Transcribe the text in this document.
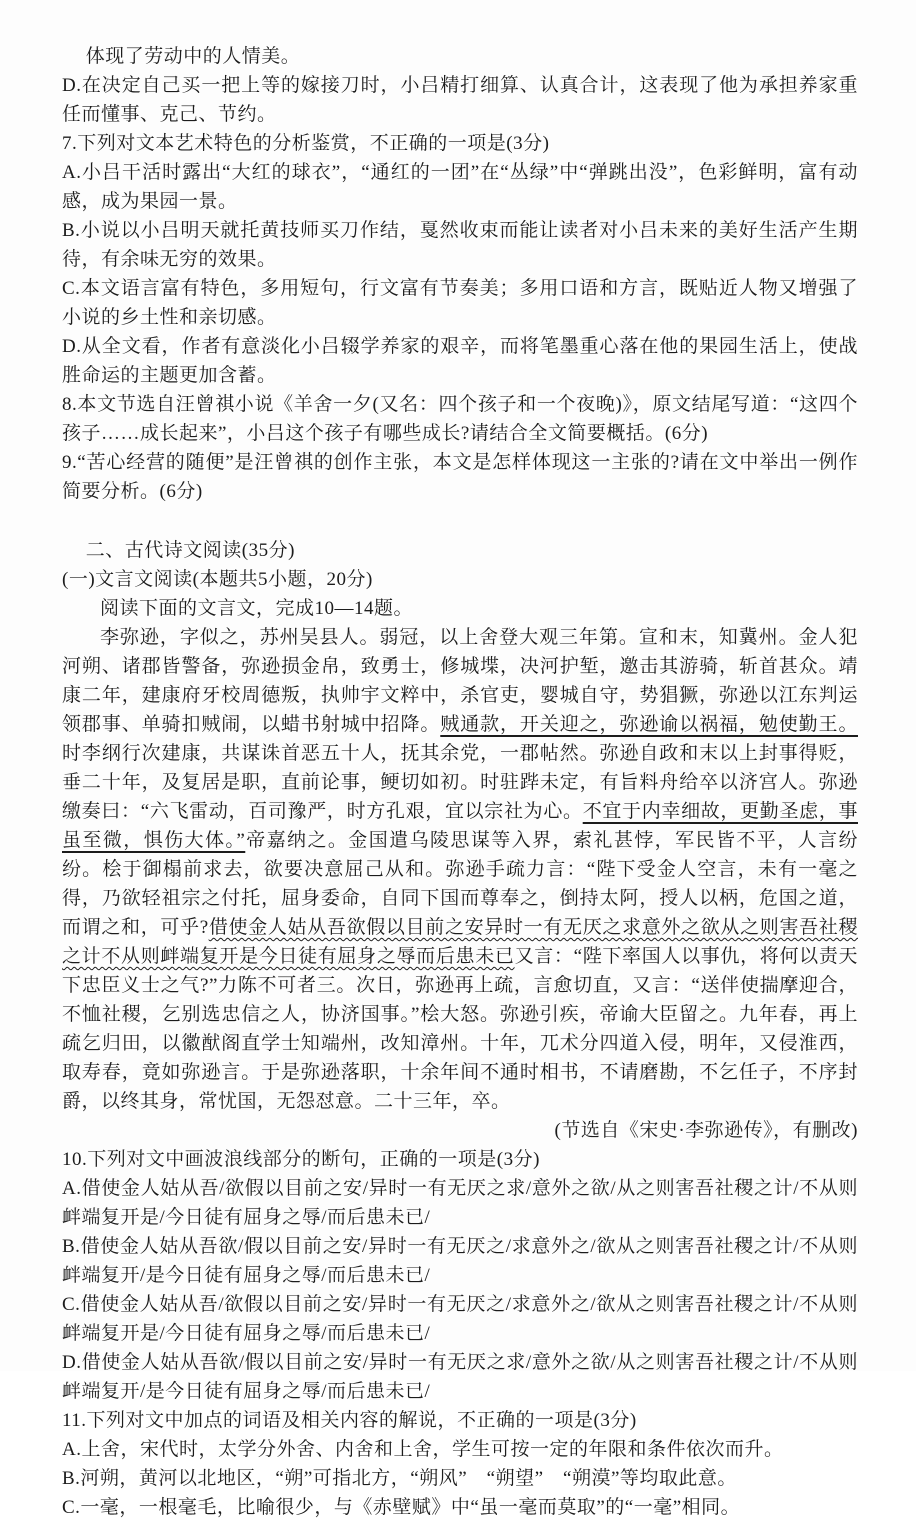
体现了劳动中的人情美。

D.在决定自己买一把上等的嫁接刀时，小吕精打细算、认真合计，这表现了他为承担养家重任而懂事、克己、节约。

7.下列对文本艺术特色的分析鉴赏，不正确的一项是(3分)

A.小吕干活时露出“大红的球衣”，“通红的一团”在“丛绿”中“弹跳出没”，色彩鲜明，富有动感，成为果园一景。

B.小说以小吕明天就托黄技师买刀作结，戛然收束而能让读者对小吕未来的美好生活产生期待，有余味无穷的效果。

C.本文语言富有特色，多用短句，行文富有节奏美；多用口语和方言，既贴近人物又增强了小说的乡土性和亲切感。

D.从全文看，作者有意淡化小吕辍学养家的艰辛，而将笔墨重心落在他的果园生活上，使战胜命运的主题更加含蓄。

8.本文节选自汪曾祺小说《羊舍一夕(又名：四个孩子和一个夜晚)》，原文结尾写道：“这四个孩子……成长起来”，小吕这个孩子有哪些成长?请结合全文简要概括。(6分)

9.“苦心经营的随便”是汪曾祺的创作主张，本文是怎样体现这一主张的?请在文中举出一例作简要分析。(6分)

二、古代诗文阅读(35分)

(一)文言文阅读(本题共5小题，20分)

阅读下面的文言文，完成10—14题。

李弥逊，字似之，苏州吴县人。弱冠，以上舍登大观三年第。宣和末，知冀州。金人犯河朔、诸郡皆警备，弥逊损金帛，致勇士，修城堞，决河护堑，邀击其游骑，斩首甚众。靖康二年，建康府牙校周德叛，执帅宇文粹中，杀官吏，婴城自守，势猖獗，弥逊以江东判运领郡事、单骑扣贼闹，以蜡书射城中招降。贼通款，开关迎之，弥逊谕以祸福，勉使勤王。时李纲行次建康，共谋诛首恶五十人，抚其余党，一郡帖然。弥逊自政和末以上封事得贬，垂二十年，及复居是职，直前论事，鲠切如初。时驻跸未定，有旨料舟给卒以济宫人。弥逊缴奏曰：“六飞雷动，百司豫严，时方孔艰，宜以宗社为心。不宜于内幸细故，更勤圣虑，事虽至微，惧伤大体。”帝嘉纳之。金国遣乌陵思谋等入界，索礼甚悖，军民皆不平，人言纷纷。桧于御榻前求去，欲要决意屈己从和。弥逊手疏力言：“陛下受金人空言，未有一毫之得，乃欲轻祖宗之付托，屈身委命，自同下国而尊奉之，倒持太阿，授人以柄，危国之道，而谓之和，可乎?借使金人姑从吾欲假以目前之安异时一有无厌之求意外之欲从之则害吾社稷之计不从则衅端复开是今日徒有屈身之辱而后患未已又言：“陛下率国人以事仇，将何以责天下忠臣义士之气?”力陈不可者三。次日，弥逊再上疏，言愈切直，又言：“送伴使揣摩迎合，不恤社稷，乞别选忠信之人，协济国事。”桧大怒。弥逊引疾，帝谕大臣留之。九年春，再上疏乞归田，以徽猷阁直学士知端州，改知漳州。十年，兀术分四道入侵，明年，又侵淮西，取寿春，竟如弥逊言。于是弥逊落职，十余年间不通时相书，不请磨勘，不乞任子，不序封爵，以终其身，常忧国，无怨怼意。二十三年，卒。

(节选自《宋史·李弥逊传》，有删改)

10.下列对文中画波浪线部分的断句，正确的一项是(3分)

A.借使金人姑从吾/欲假以目前之安/异时一有无厌之求/意外之欲/从之则害吾社稷之计/不从则衅端复开是/今日徒有屈身之辱/而后患未已/

B.借使金人姑从吾欲/假以目前之安/异时一有无厌之/求意外之/欲从之则害吾社稷之计/不从则衅端复开/是今日徒有屈身之辱/而后患未已/

C.借使金人姑从吾/欲假以目前之安/异时一有无厌之/求意外之/欲从之则害吾社稷之计/不从则衅端复开是/今日徒有屈身之辱/而后患未已/

D.借使金人姑从吾欲/假以目前之安/异时一有无厌之求/意外之欲/从之则害吾社稷之计/不从则衅端复开/是今日徒有屈身之辱/而后患未已/

11.下列对文中加点的词语及相关内容的解说，不正确的一项是(3分)

A.上舍，宋代时，太学分外舍、内舍和上舍，学生可按一定的年限和条件依次而升。

B.河朔，黄河以北地区，“朔”可指北方，“朔风”　“朔望”　“朔漠”等均取此意。

C.一毫，一根毫毛，比喻很少，与《赤壁赋》中“虽一毫而莫取”的“一毫”相同。
